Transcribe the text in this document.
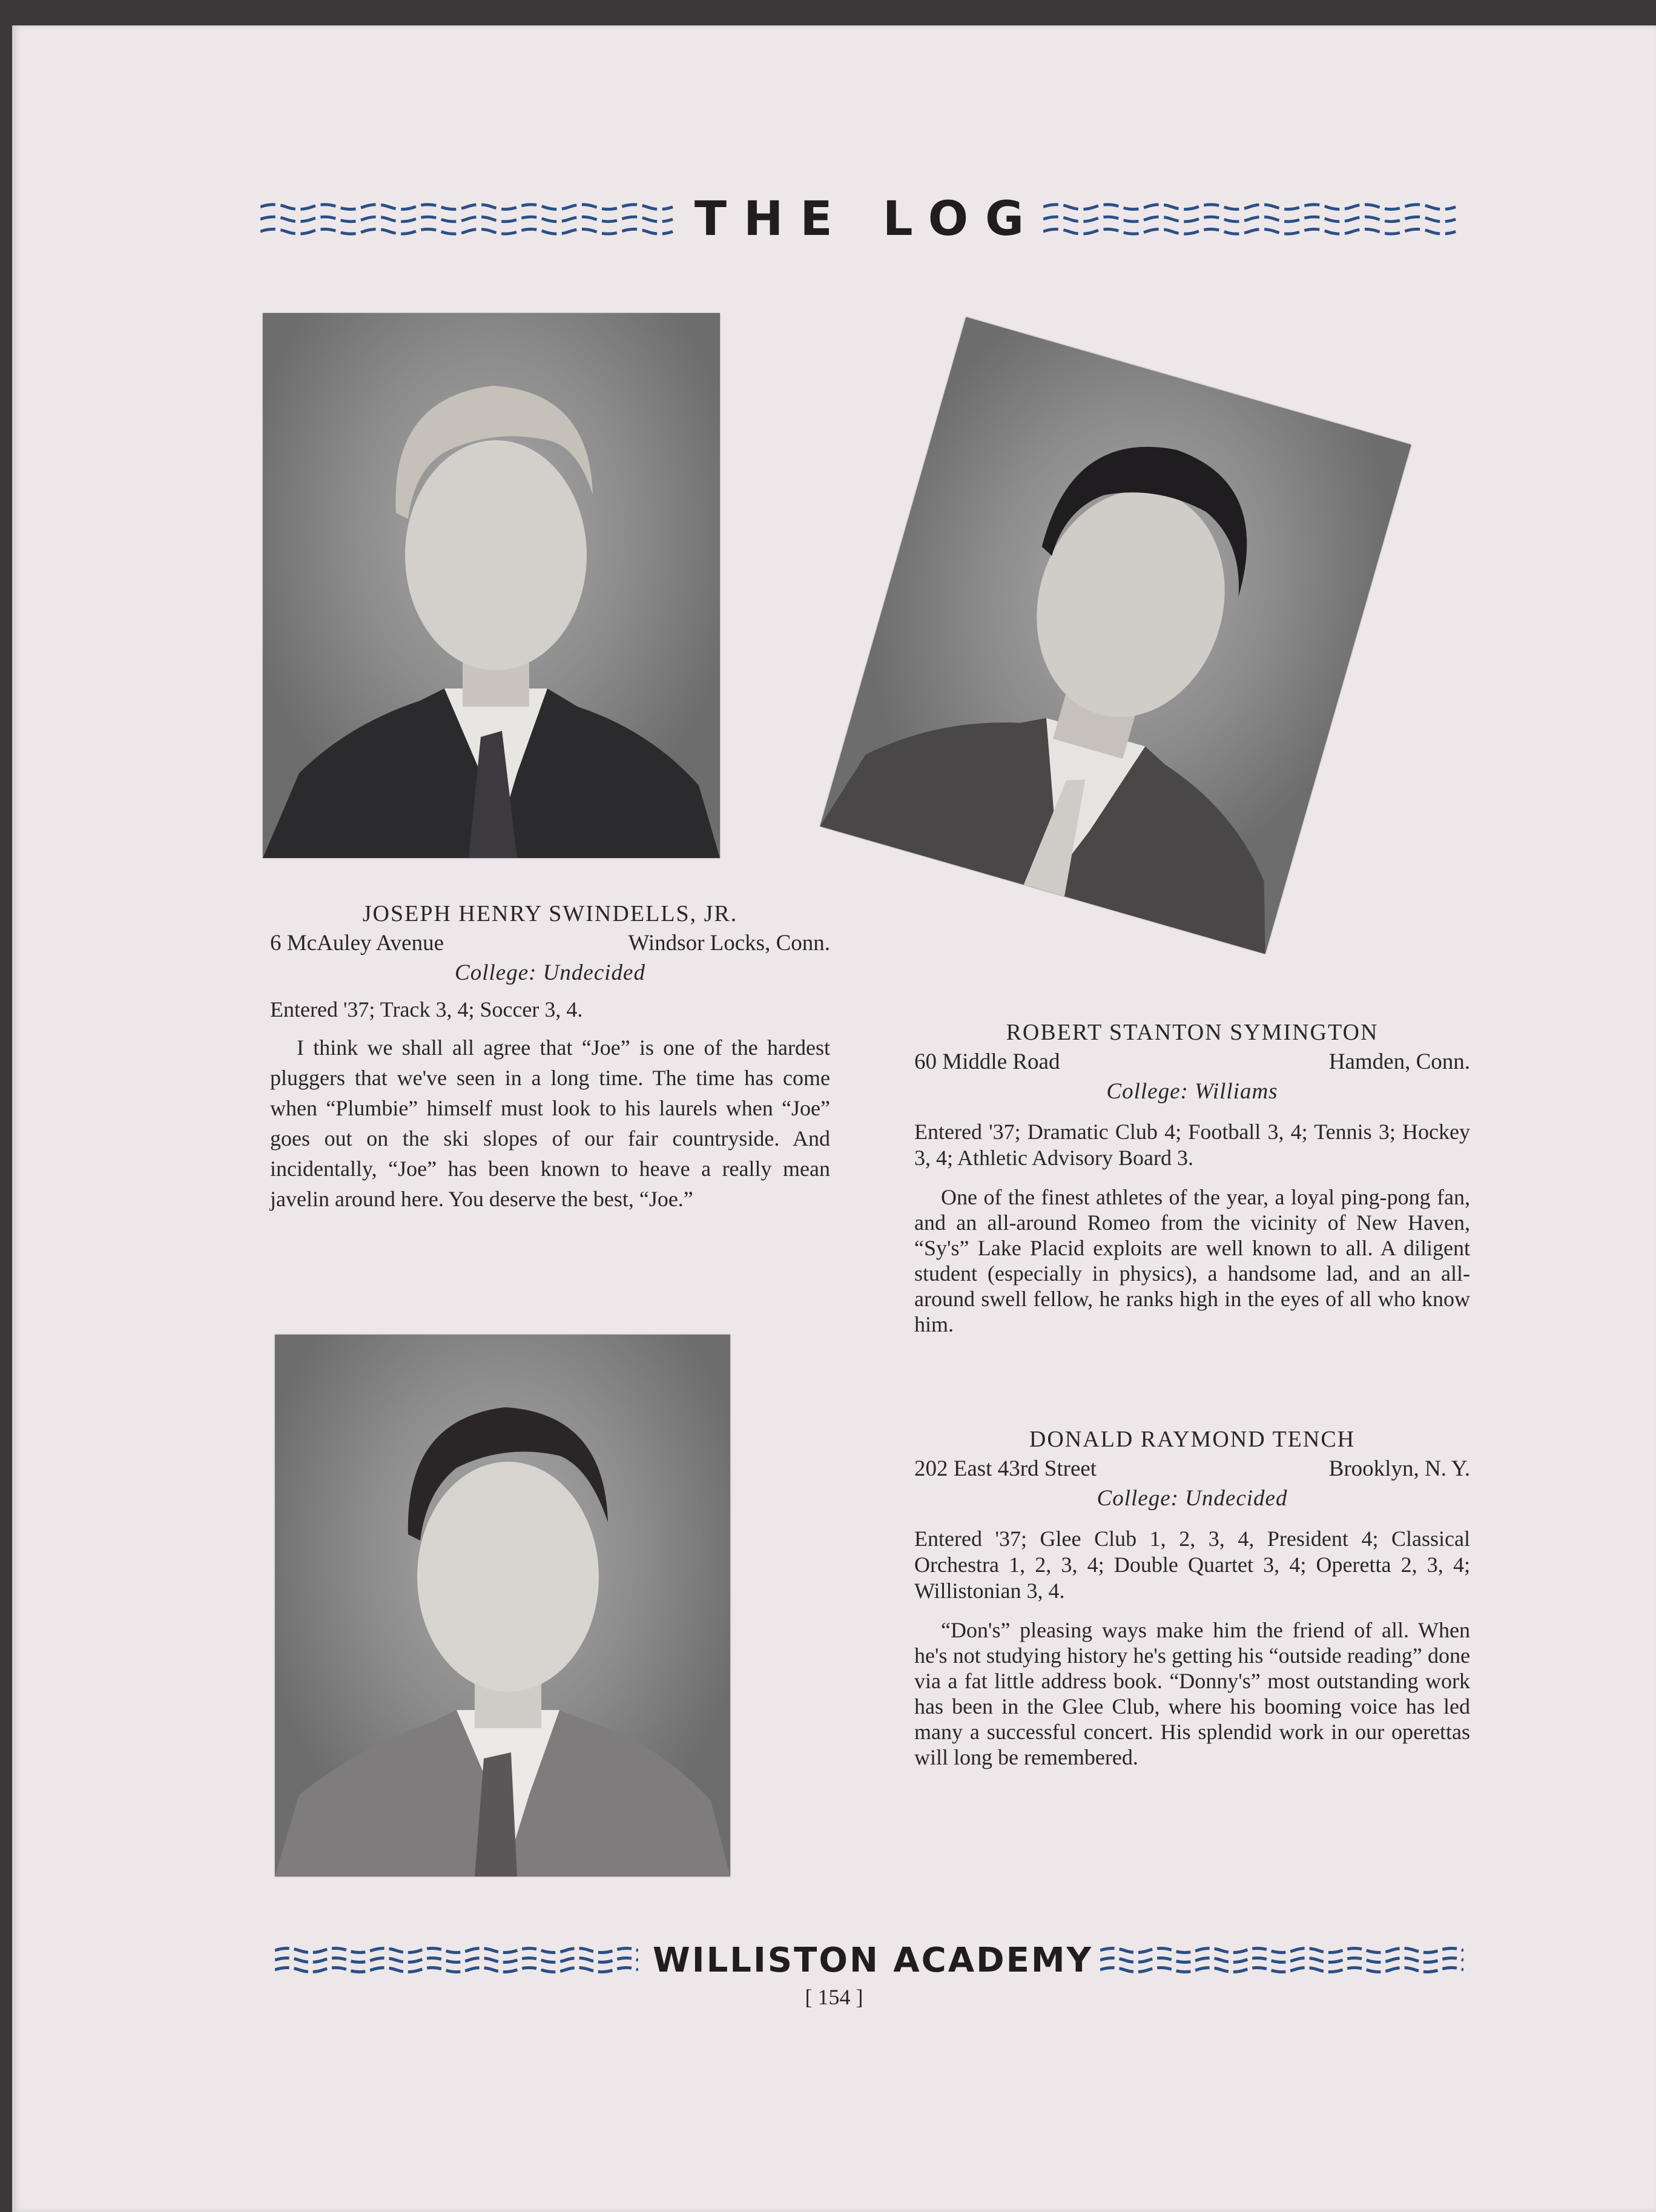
THE LOG
JOSEPH HENRY SWINDELLS, JR.
6 McAuley Avenue	Windsor Locks, Conn.
College: Undecided
Entered '37; Track 3, 4; Soccer 3, 4.
I think we shall all agree that “Joe” is one of the hardest pluggers that we've seen in a long time. The time has come when “Plumbie” himself must look to his laurels when “Joe” goes out on the ski slopes of our fair countryside. And incidentally, “Joe” has been known to heave a really mean javelin around here. You deserve the best, “Joe.”
ROBERT STANTON SYMINGTON
60 Middle Road	Hamden, Conn.
College: Williams
Entered '37; Dramatic Club 4; Football 3, 4; Tennis 3; Hockey 3, 4; Athletic Advisory Board 3.
One of the finest athletes of the year, a loyal ping-pong fan, and an all-around Romeo from the vicinity of New Haven, “Sy's” Lake Placid exploits are well known to all. A diligent student (especially in physics), a handsome lad, and an all-around swell fellow, he ranks high in the eyes of all who know him.
DONALD RAYMOND TENCH
202 East 43rd Street	Brooklyn, N. Y.
College: Undecided
Entered '37; Glee Club 1, 2, 3, 4, President 4; Classical Orchestra 1, 2, 3, 4; Double Quartet 3, 4; Operetta 2, 3, 4; Willistonian 3, 4.
“Don's” pleasing ways make him the friend of all. When he's not studying history he's getting his “outside reading” done via a fat little address book. “Donny's” most outstanding work has been in the Glee Club, where his booming voice has led many a successful concert. His splendid work in our operettas will long be remembered.
WILLISTON ACADEMY
[ 154 ]
